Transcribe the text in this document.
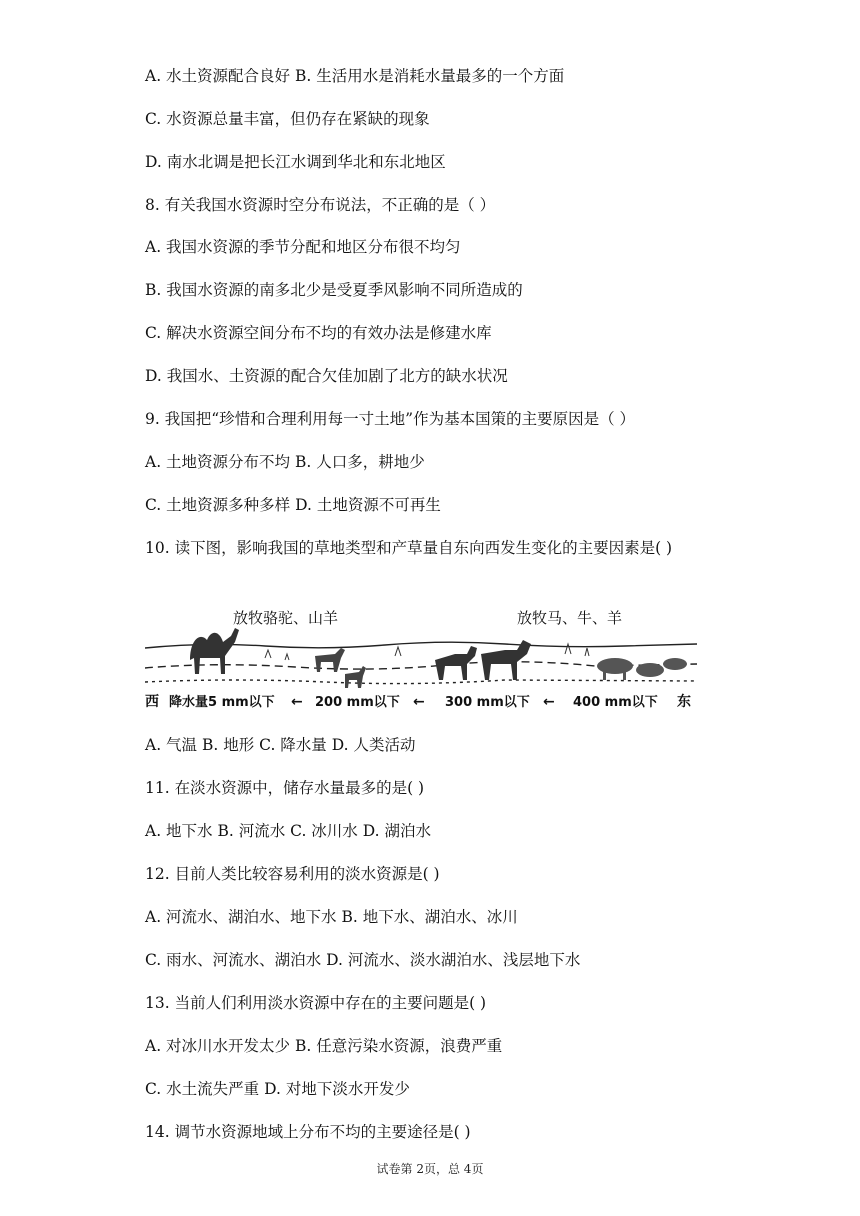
A. 水土资源配合良好 B. 生活用水是消耗水量最多的一个方面
C. 水资源总量丰富，但仍存在紧缺的现象
D. 南水北调是把长江水调到华北和东北地区
8. 有关我国水资源时空分布说法，不正确的是（ ）
A. 我国水资源的季节分配和地区分布很不均匀
B. 我国水资源的南多北少是受夏季风影响不同所造成的
C. 解决水资源空间分布不均的有效办法是修建水库
D. 我国水、土资源的配合欠佳加剧了北方的缺水状况
9. 我国把“珍惜和合理利用每一寸土地”作为基本国策的主要原因是（ ）
A. 土地资源分布不均 B. 人口多，耕地少
C. 土地资源多种多样 D. 土地资源不可再生
10. 读下图，影响我国的草地类型和产草量自东向西发生变化的主要因素是( )
A. 气温 B. 地形 C. 降水量 D. 人类活动
11. 在淡水资源中，储存水量最多的是( )
A. 地下水 B. 河流水 C. 冰川水 D. 湖泊水
12. 目前人类比较容易利用的淡水资源是( )
A. 河流水、湖泊水、地下水 B. 地下水、湖泊水、冰川
C. 雨水、河流水、湖泊水 D. 河流水、淡水湖泊水、浅层地下水
13. 当前人们利用淡水资源中存在的主要问题是( )
A. 对冰川水开发太少 B. 任意污染水资源，浪费严重
C. 水土流失严重 D. 对地下淡水开发少
14. 调节水资源地域上分布不均的主要途径是( )
放牧骆驼、山羊	放牧马、牛、羊
西 降水量5 mm以下 ← 200 mm以下 ← 300 mm以下 ← 400 mm以下 东
试卷第 2页，总 4页
